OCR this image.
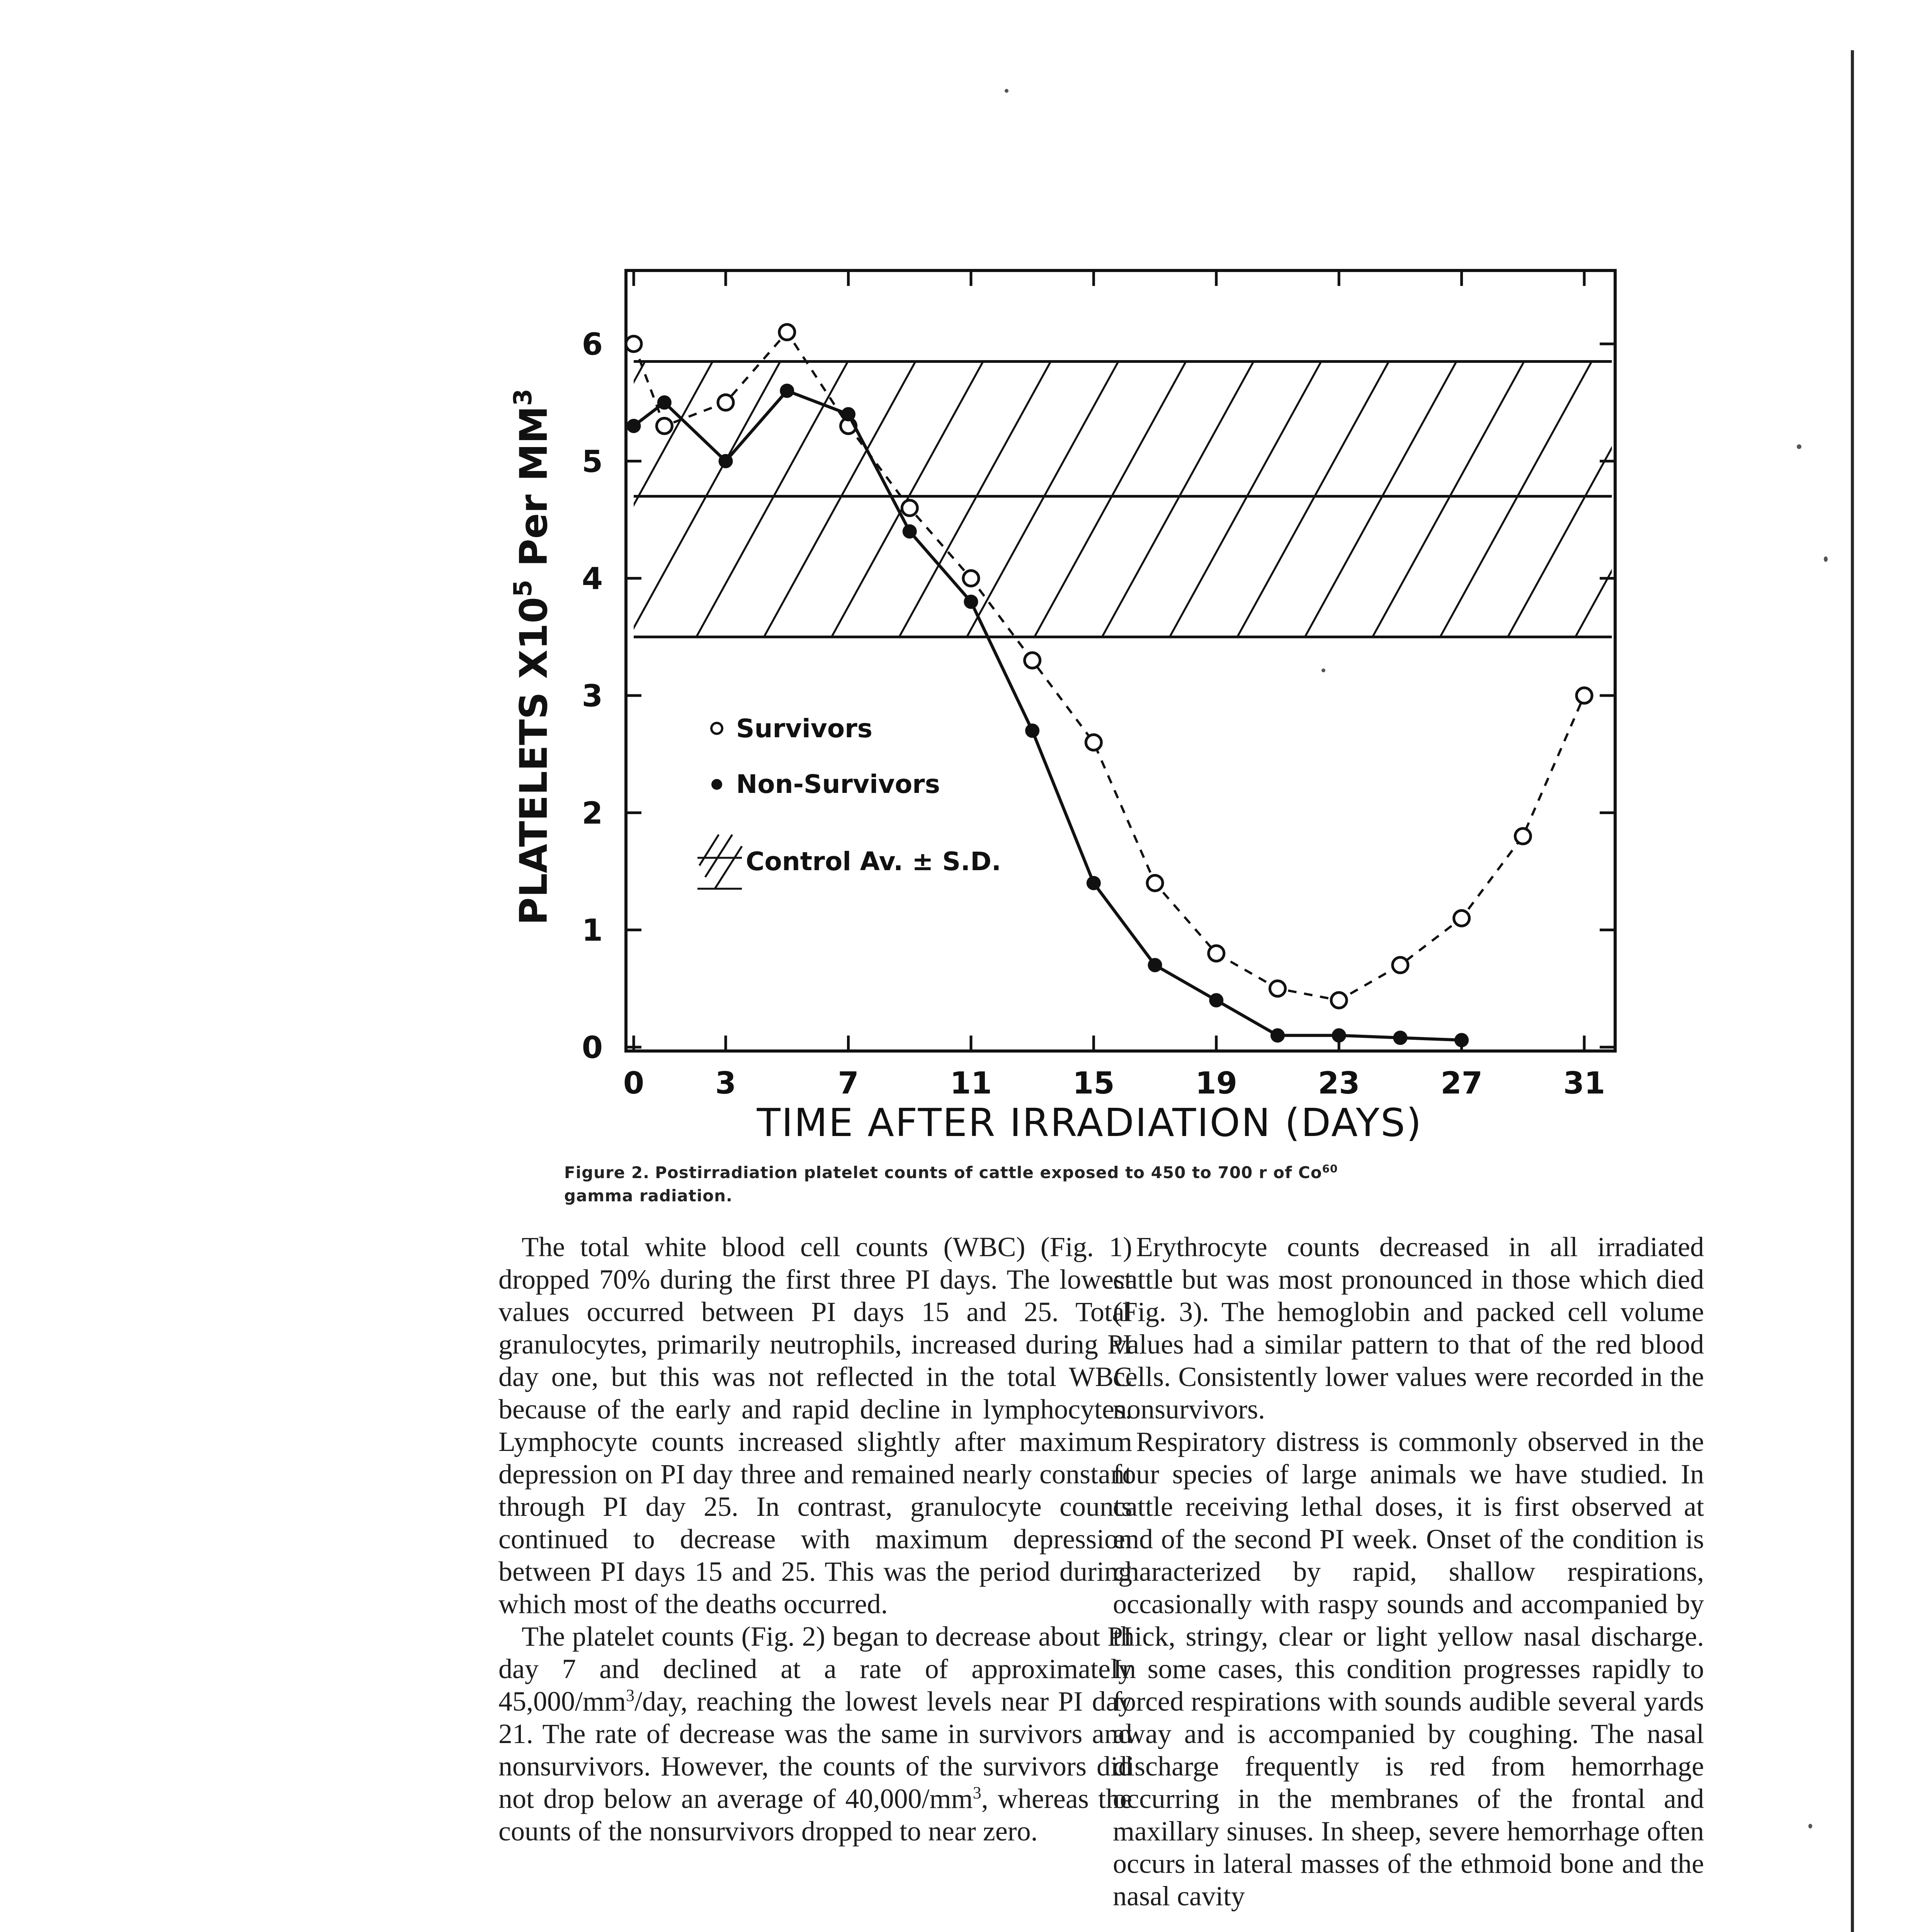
0 3	7	11	15	19	23	27	31
0
1
2
3
4
5
6
PLATELETS $X10^5$ Per $MM^3$
TIME AFTER IRRADIATION (DAYS)
Survivors
Non-Survivors
Control Av. ± S.D.
Figure 2. Postirradiation platelet counts of cattle exposed to 450 to 700 r of Co$^{60}$
gamma radiation.

The total white blood cell counts (WBC) (Fig. 1) dropped 70% during the first three PI days. The lowest values occurred between PI days 15 and 25. Total granulocytes, primarily neutrophils, increased during PI day one, but this was not reflected in the total WBC because of the early and rapid decline in lymphocytes. Lymphocyte counts increased slightly after maximum depression on PI day three and remained nearly constant through PI day 25. In contrast, granulocyte counts continued to decrease with maximum depression between PI days 15 and 25. This was the period during which most of the deaths occurred.

The platelet counts (Fig. 2) began to decrease about PI day 7 and declined at a rate of approximately $45,000/mm^3$/day, reaching the lowest levels near PI day 21. The rate of decrease was the same in survivors and nonsurvivors. However, the counts of the survivors did not drop below an average of $40,000/mm^3$, whereas the counts of the nonsurvivors dropped to near zero.

Erythrocyte counts decreased in all irradiated cattle but was most pronounced in those which died (Fig. 3). The hemoglobin and packed cell volume values had a similar pattern to that of the red blood cells. Consistently lower values were recorded in the nonsurvivors.

Respiratory distress is commonly observed in the four species of large animals we have studied. In cattle receiving lethal doses, it is first observed at end of the second PI week. Onset of the condition is characterized by rapid, shallow respirations, occasionally with raspy sounds and accompanied by thick, stringy, clear or light yellow nasal discharge. In some cases, this condition progresses rapidly to forced respirations with sounds audible several yards away and is accompanied by coughing. The nasal discharge frequently is red from hemorrhage occurring in the membranes of the frontal and maxillary sinuses. In sheep, severe hemorrhage often occurs in lateral masses of the ethmoid bone and the nasal cavity
